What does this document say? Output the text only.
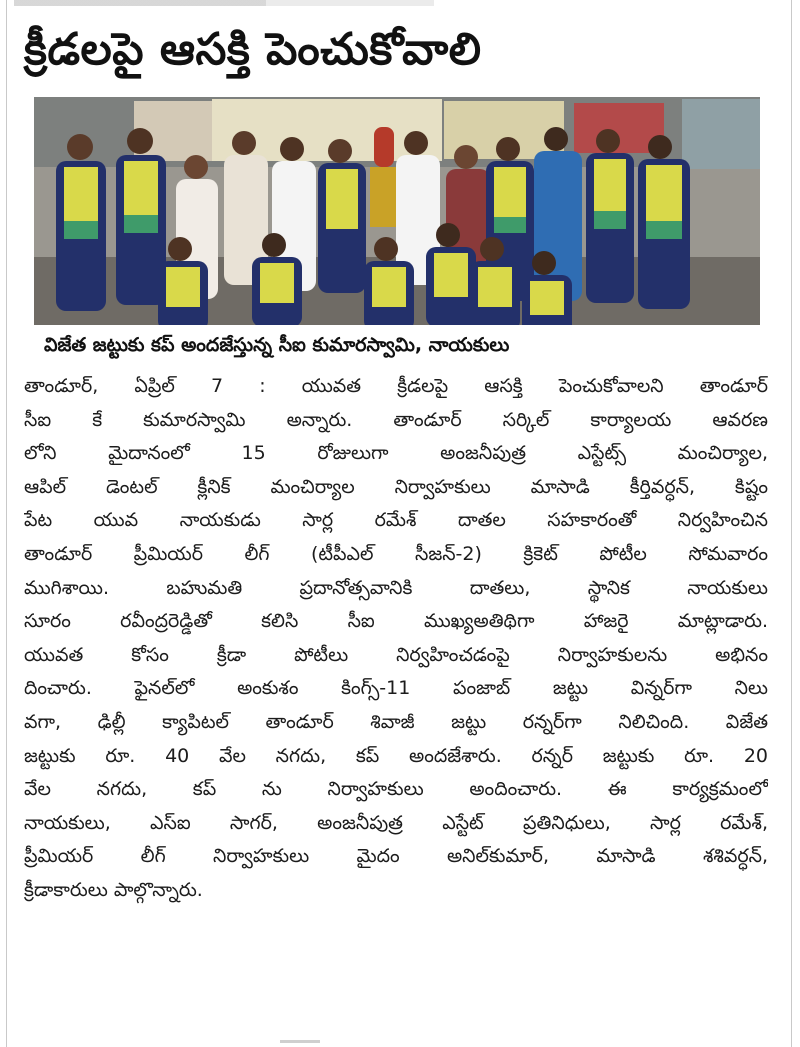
క్రీడలపై ఆసక్తి పెంచుకోవాలి
విజేత జట్టుకు కప్ అందజేస్తున్న సీఐ కుమారస్వామి, నాయకులు
తాండూర్, ఏప్రిల్ 7 : యువత క్రీడలపై ఆసక్తి పెంచుకోవాలని తాండూర్
సీఐ కే కుమారస్వామి అన్నారు. తాండూర్ సర్కిల్ కార్యాలయ ఆవరణ
లోని మైదానంలో 15 రోజులుగా అంజనీపుత్ర ఎస్టేట్స్ మంచిర్యాల,
ఆపిల్ డెంటల్ క్లీనిక్ మంచిర్యాల నిర్వాహకులు మాసాడి కీర్తివర్ధన్, కిష్టం
పేట యువ నాయకుడు సార్ల రమేశ్ దాతల సహకారంతో నిర్వహించిన
తాండూర్ ప్రీమియర్ లీగ్ (టీపీఎల్ సీజన్-2) క్రికెట్ పోటీల సోమవారం
ముగిశాయి. బహుమతి ప్రదానోత్సవానికి దాతలు, స్థానిక నాయకులు
సూరం రవీంద్రరెడ్డితో కలిసి సీఐ ముఖ్యఅతిథిగా హాజరై మాట్లాడారు.
యువత కోసం క్రీడా పోటీలు నిర్వహించడంపై నిర్వాహకులను అభినం
దించారు. ఫైనల్‌లో అంకుశం కింగ్స్-11 పంజాబ్ జట్టు విన్నర్‌గా నిలు
వగా, ఢిల్లీ క్యాపిటల్ తాండూర్ శివాజీ జట్టు రన్నర్‌గా నిలిచింది. విజేత
జట్టుకు రూ. 40 వేల నగదు, కప్ అందజేశారు. రన్నర్ జట్టుకు రూ. 20
వేల నగదు, కప్ ను నిర్వాహకులు అందించారు. ఈ కార్యక్రమంలో
నాయకులు, ఎస్ఐ సాగర్, అంజనీపుత్ర ఎస్టేట్ ప్రతినిధులు, సార్ల రమేశ్,
ప్రీమియర్ లీగ్ నిర్వాహకులు మైదం అనిల్‌కుమార్, మాసాడి శశివర్ధన్,
క్రీడాకారులు పాల్గొన్నారు.
